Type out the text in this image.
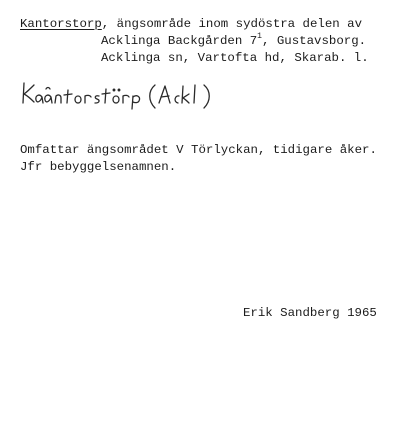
Kantorstorp, ängsområde inom sydöstra delen av
Acklinga Backgården $7^1$, Gustavsborg.
Acklinga sn, Vartofta hd, Skarab. l.
Omfattar ängsområdet V Törlyckan, tidigare åker.
Jfr bebyggelsenamnen.
Erik Sandberg 1965
